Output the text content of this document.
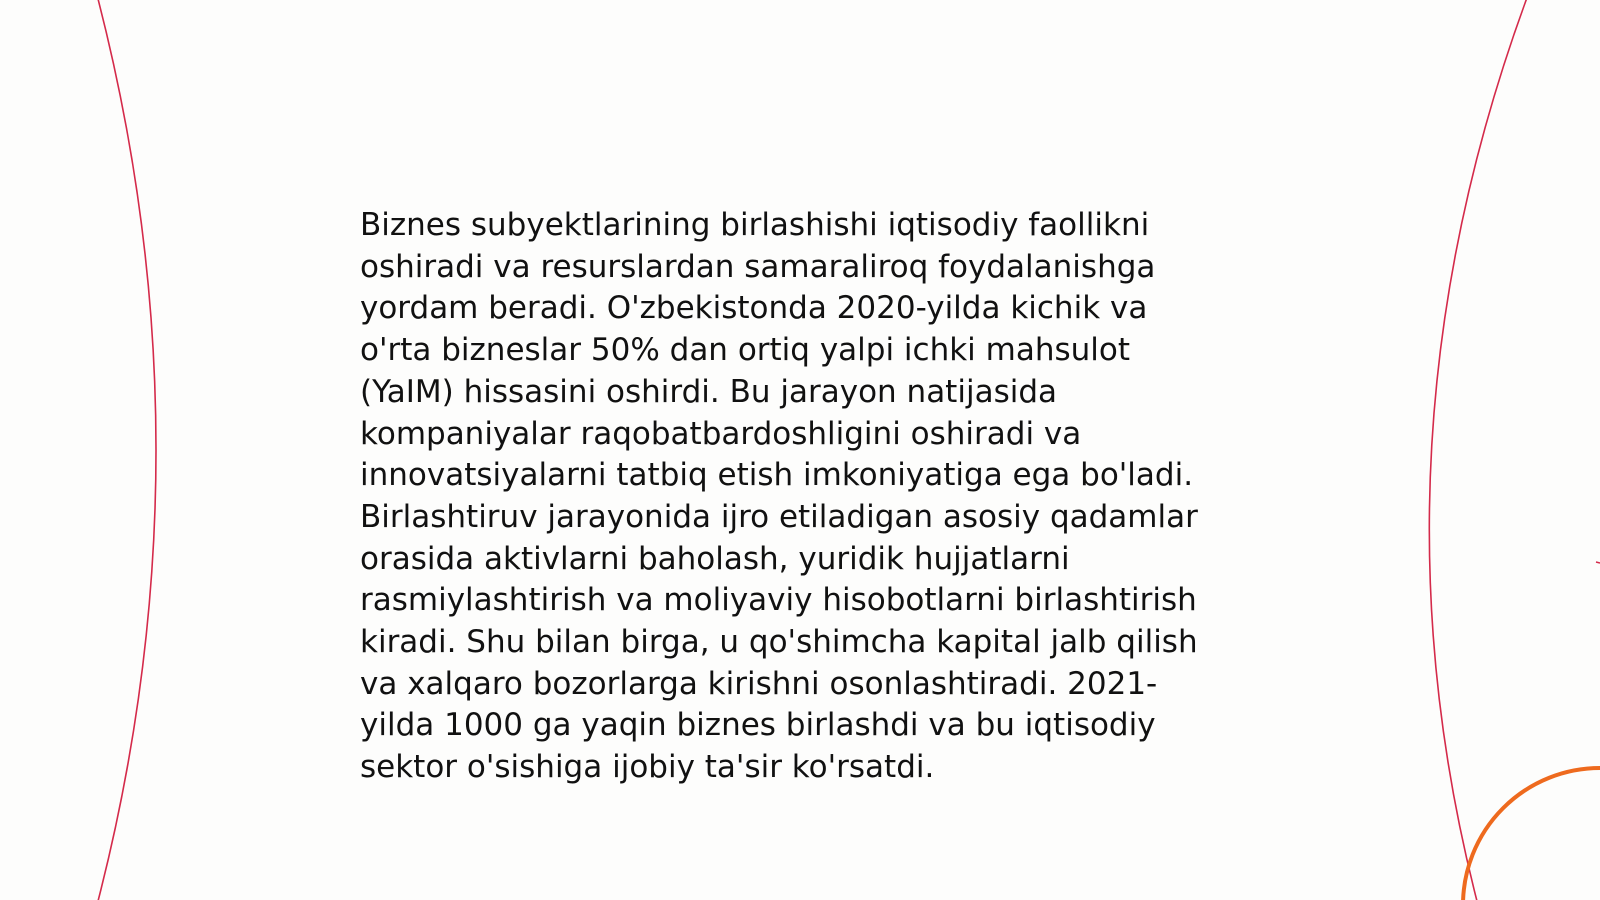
Biznes subyektlarining birlashishi iqtisodiy faollikni
oshiradi va resurslardan samaraliroq foydalanishga
yordam beradi. O'zbekistonda 2020-yilda kichik va
o'rta bizneslar 50% dan ortiq yalpi ichki mahsulot
(YaIM) hissasini oshirdi. Bu jarayon natijasida
kompaniyalar raqobatbardoshligini oshiradi va
innovatsiyalarni tatbiq etish imkoniyatiga ega bo'ladi.
Birlashtiruv jarayonida ijro etiladigan asosiy qadamlar
orasida aktivlarni baholash, yuridik hujjatlarni
rasmiylashtirish va moliyaviy hisobotlarni birlashtirish
kiradi. Shu bilan birga, u qo'shimcha kapital jalb qilish
va xalqaro bozorlarga kirishni osonlashtiradi. 2021-
yilda 1000 ga yaqin biznes birlashdi va bu iqtisodiy
sektor o'sishiga ijobiy ta'sir ko'rsatdi.
